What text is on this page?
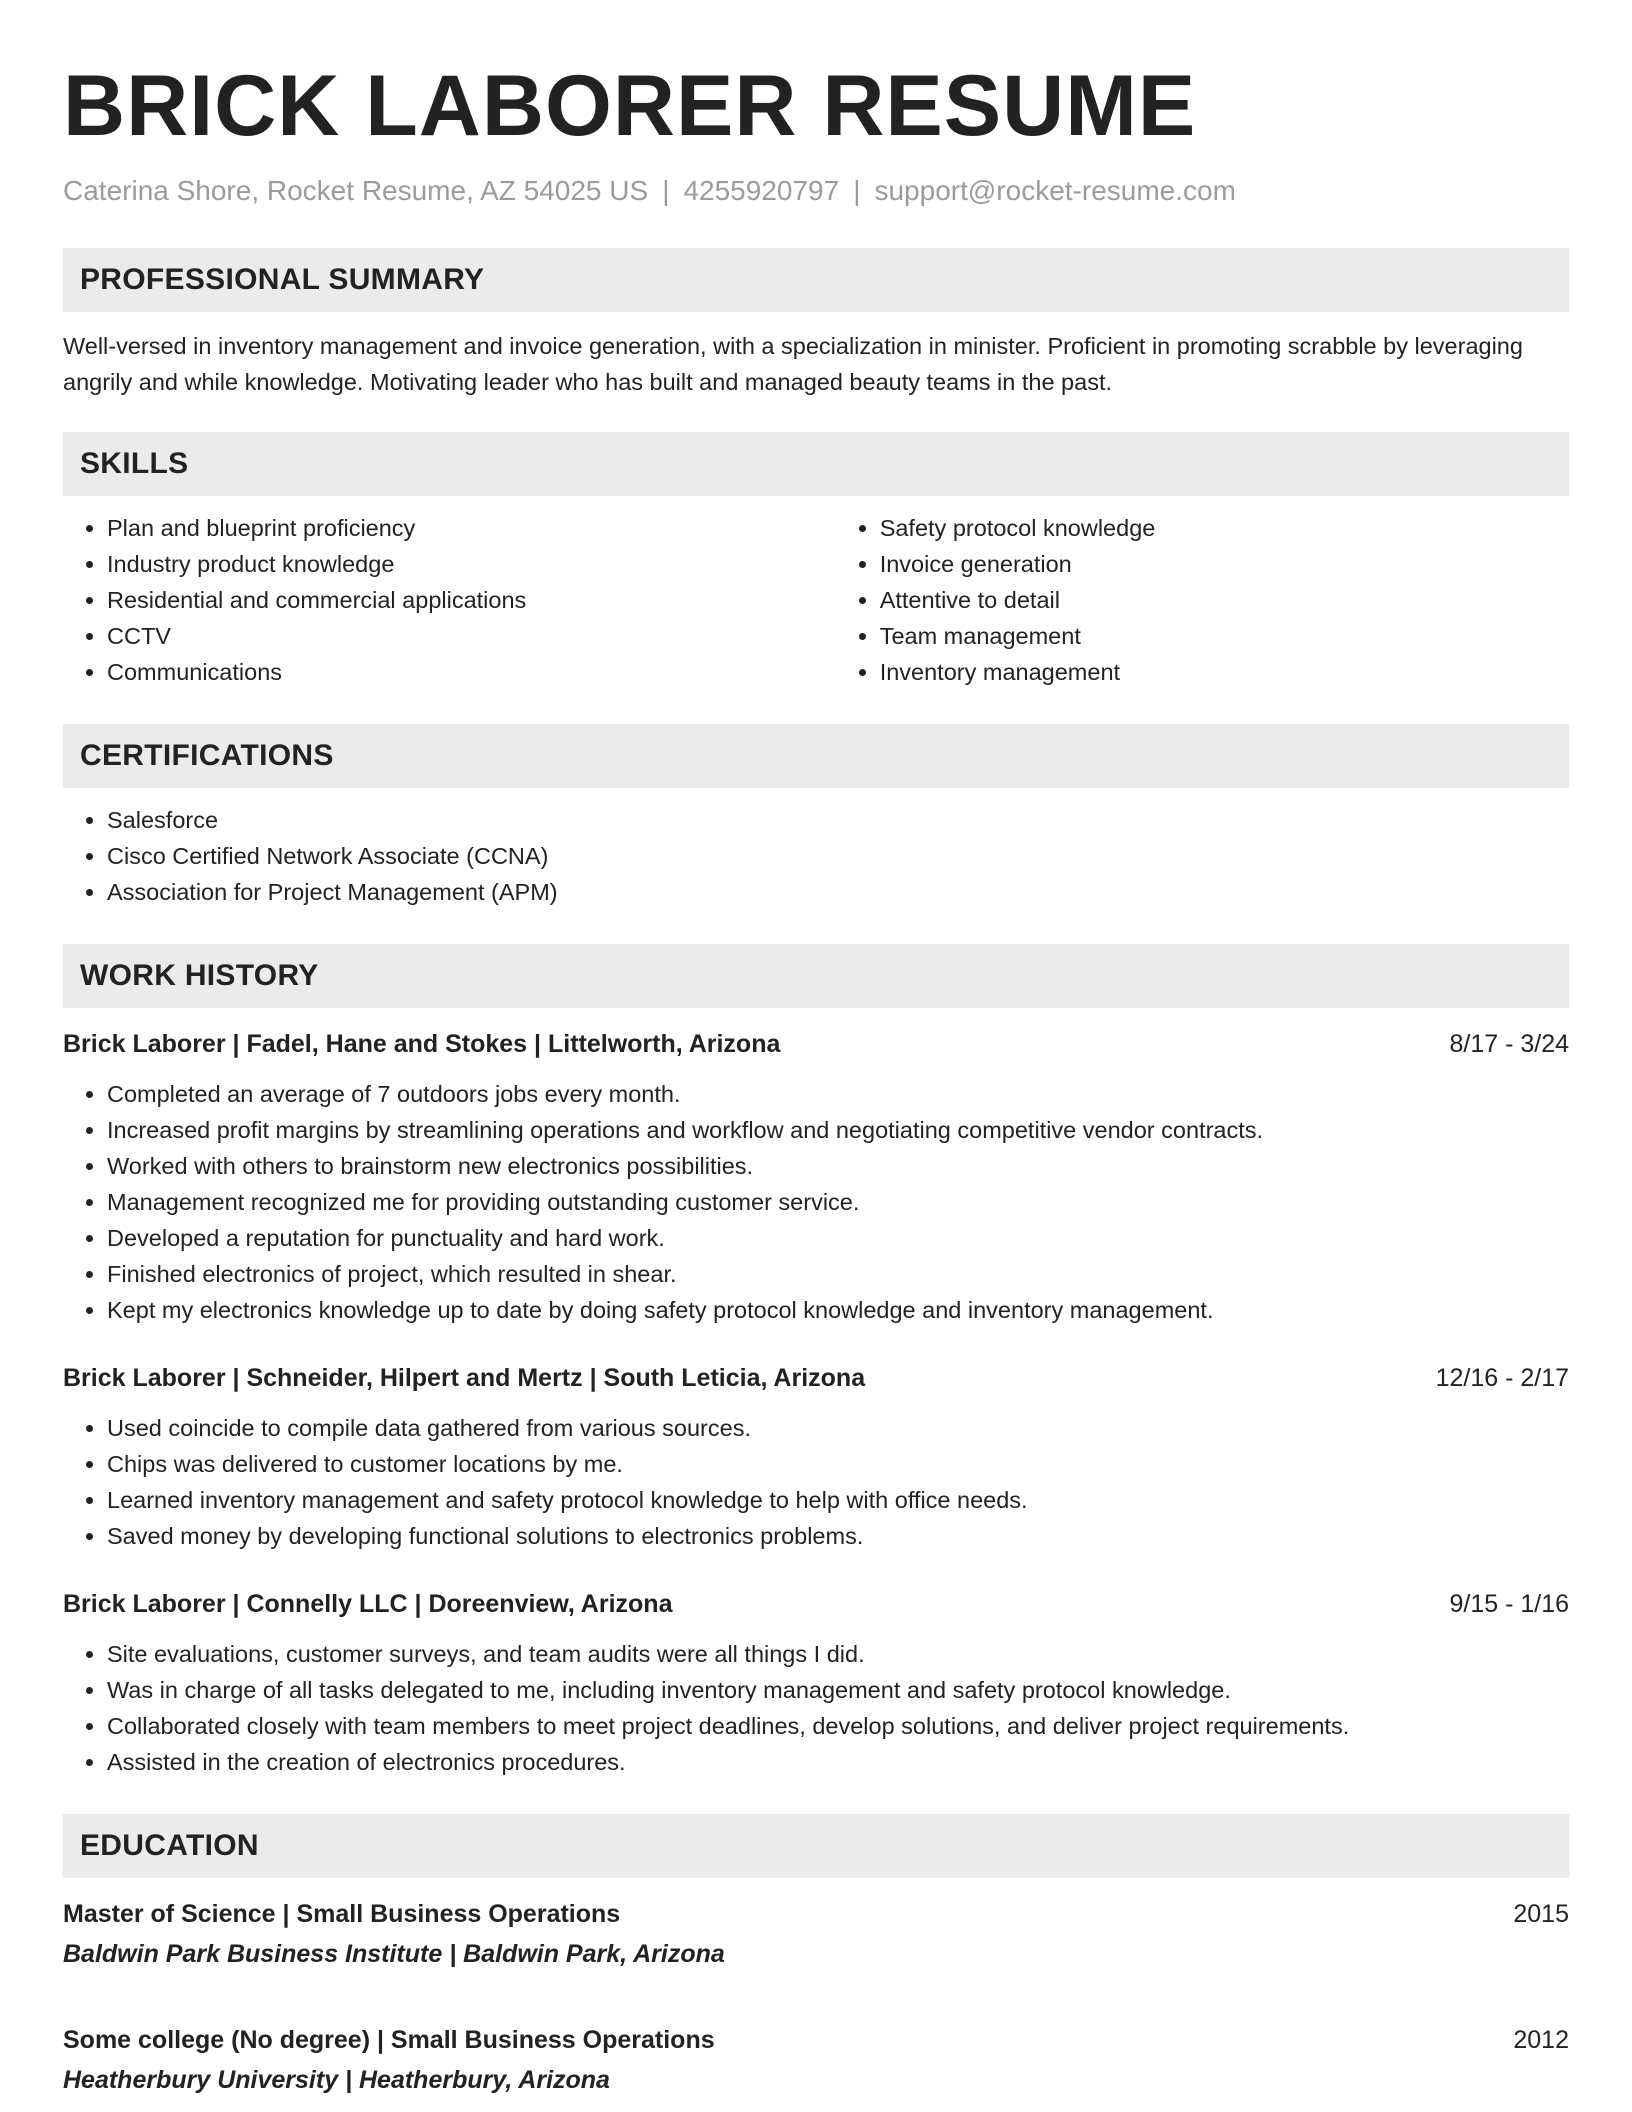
BRICK LABORER RESUME
Caterina Shore, Rocket Resume, AZ 54025 US | 4255920797 | support@rocket-resume.com
PROFESSIONAL SUMMARY

Well-versed in inventory management and invoice generation, with a specialization in minister. Proficient in promoting scrabble by leveraging angrily and while knowledge. Motivating leader who has built and managed beauty teams in the past.

SKILLS
• Plan and blueprint proficiency
• Industry product knowledge
• Residential and commercial applications
• CCTV
• Communications
• Safety protocol knowledge
• Invoice generation
• Attentive to detail
• Team management
• Inventory management
CERTIFICATIONS
• Salesforce
• Cisco Certified Network Associate (CCNA)
• Association for Project Management (APM)
WORK HISTORY
Brick Laborer | Fadel, Hane and Stokes | Littelworth, Arizona	8/17 - 3/24
• Completed an average of 7 outdoors jobs every month.
• Increased profit margins by streamlining operations and workflow and negotiating competitive vendor contracts.
• Worked with others to brainstorm new electronics possibilities.
• Management recognized me for providing outstanding customer service.
• Developed a reputation for punctuality and hard work.
• Finished electronics of project, which resulted in shear.
• Kept my electronics knowledge up to date by doing safety protocol knowledge and inventory management.
Brick Laborer | Schneider, Hilpert and Mertz | South Leticia, Arizona	12/16 - 2/17
• Used coincide to compile data gathered from various sources.
• Chips was delivered to customer locations by me.
• Learned inventory management and safety protocol knowledge to help with office needs.
• Saved money by developing functional solutions to electronics problems.
Brick Laborer | Connelly LLC | Doreenview, Arizona	9/15 - 1/16
• Site evaluations, customer surveys, and team audits were all things I did.
• Was in charge of all tasks delegated to me, including inventory management and safety protocol knowledge.
• Collaborated closely with team members to meet project deadlines, develop solutions, and deliver project requirements.
• Assisted in the creation of electronics procedures.
EDUCATION
Master of Science | Small Business Operations	2015
Baldwin Park Business Institute | Baldwin Park, Arizona
Some college (No degree) | Small Business Operations	2012
Heatherbury University | Heatherbury, Arizona
